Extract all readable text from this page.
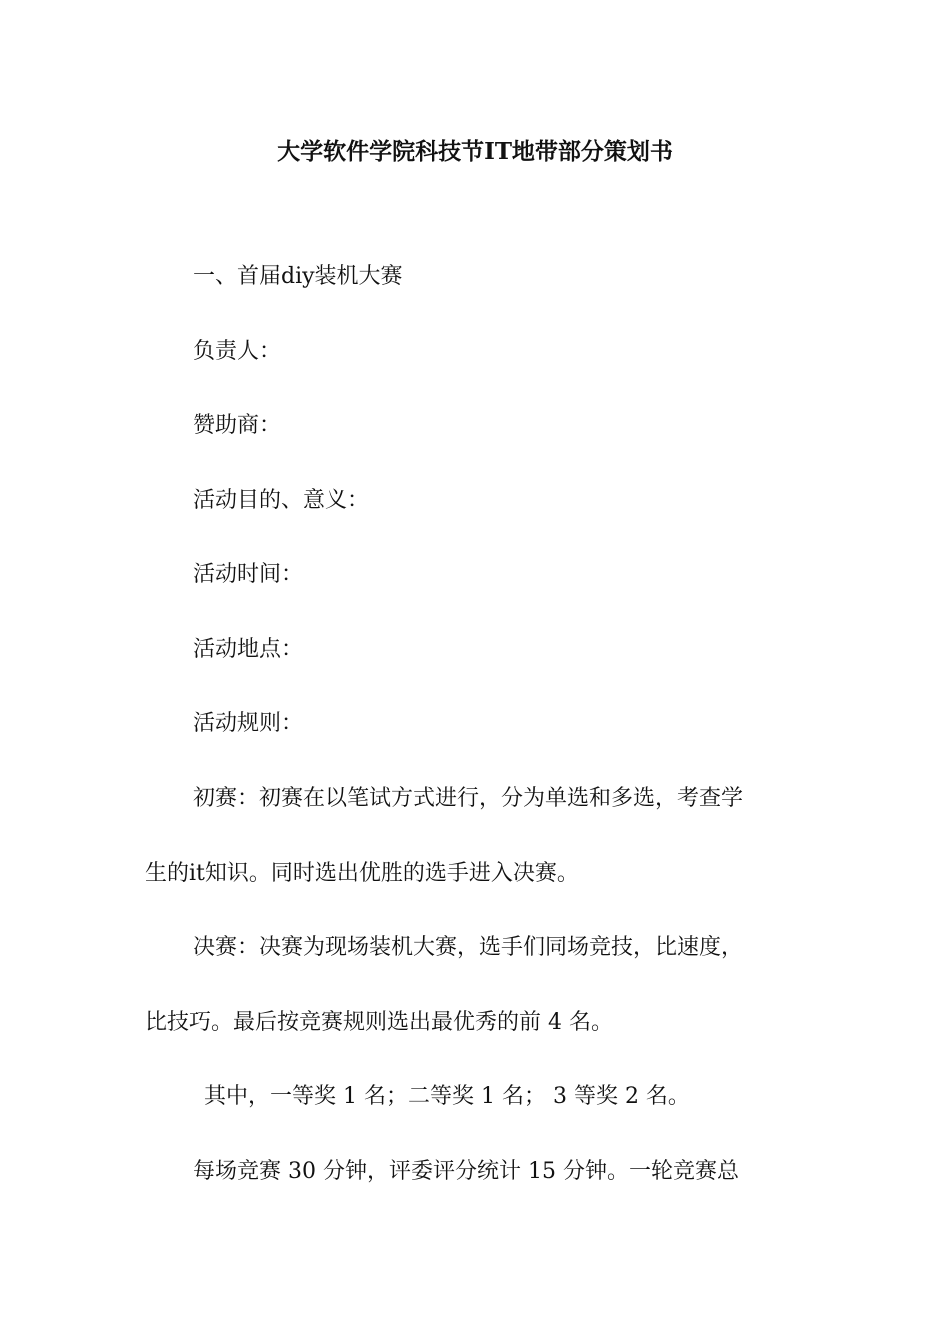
大学软件学院科技节IT地带部分策划书
一、首届diy装机大赛
负责人：
赞助商：
活动目的、意义：
活动时间：
活动地点：
活动规则：
初赛：初赛在以笔试方式进行，分为单选和多选，考查学
生的it知识。同时选出优胜的选手进入决赛。
决赛：决赛为现场装机大赛，选手们同场竞技，比速度，
比技巧。最后按竞赛规则选出最优秀的前 4 名。
其中，一等奖 1 名；二等奖 1 名； 3 等奖 2 名。
每场竞赛 30 分钟，评委评分统计 15 分钟。一轮竞赛总
